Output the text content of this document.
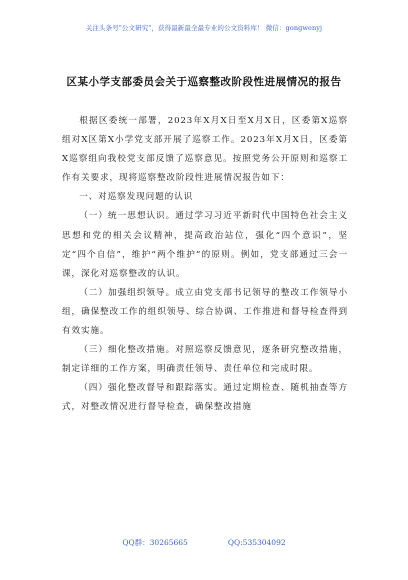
关注头条号"公文研究"，获得最新最全最专业的公文资料库！ 微信：gongwenyj
区某小学支部委员会关于巡察整改阶段性进展情况的报告

根据区委统一部署，2023年X月X日至X月X日，区委第X巡察组对X区第X小学党支部开展了巡察工作。2023年X月X日，区委第X巡察组向我校党支部反馈了巡察意见。按照党务公开原则和巡察工作有关要求，现将巡察整改阶段性进展情况报告如下：

一、对巡察发现问题的认识

（一）统一思想认识。通过学习习近平新时代中国特色社会主义思想和党的相关会议精神，提高政治站位，强化“四个意识”，坚定“四个自信”，维护“两个维护”的原则。例如，党支部通过三会一课，深化对巡察整改的认识。

（二）加强组织领导。成立由党支部书记领导的整改工作领导小组，确保整改工作的组织领导、综合协调、工作推进和督导检查得到有效实施。

（三）细化整改措施。对照巡察反馈意见，逐条研究整改措施，制定详细的工作方案，明确责任领导、责任单位和完成时限。

（四）强化整改督导和跟踪落实。通过定期检查、随机抽查等方式，对整改情况进行督导检查，确保整改措施

QQ群：30265665	QQ:535304092
